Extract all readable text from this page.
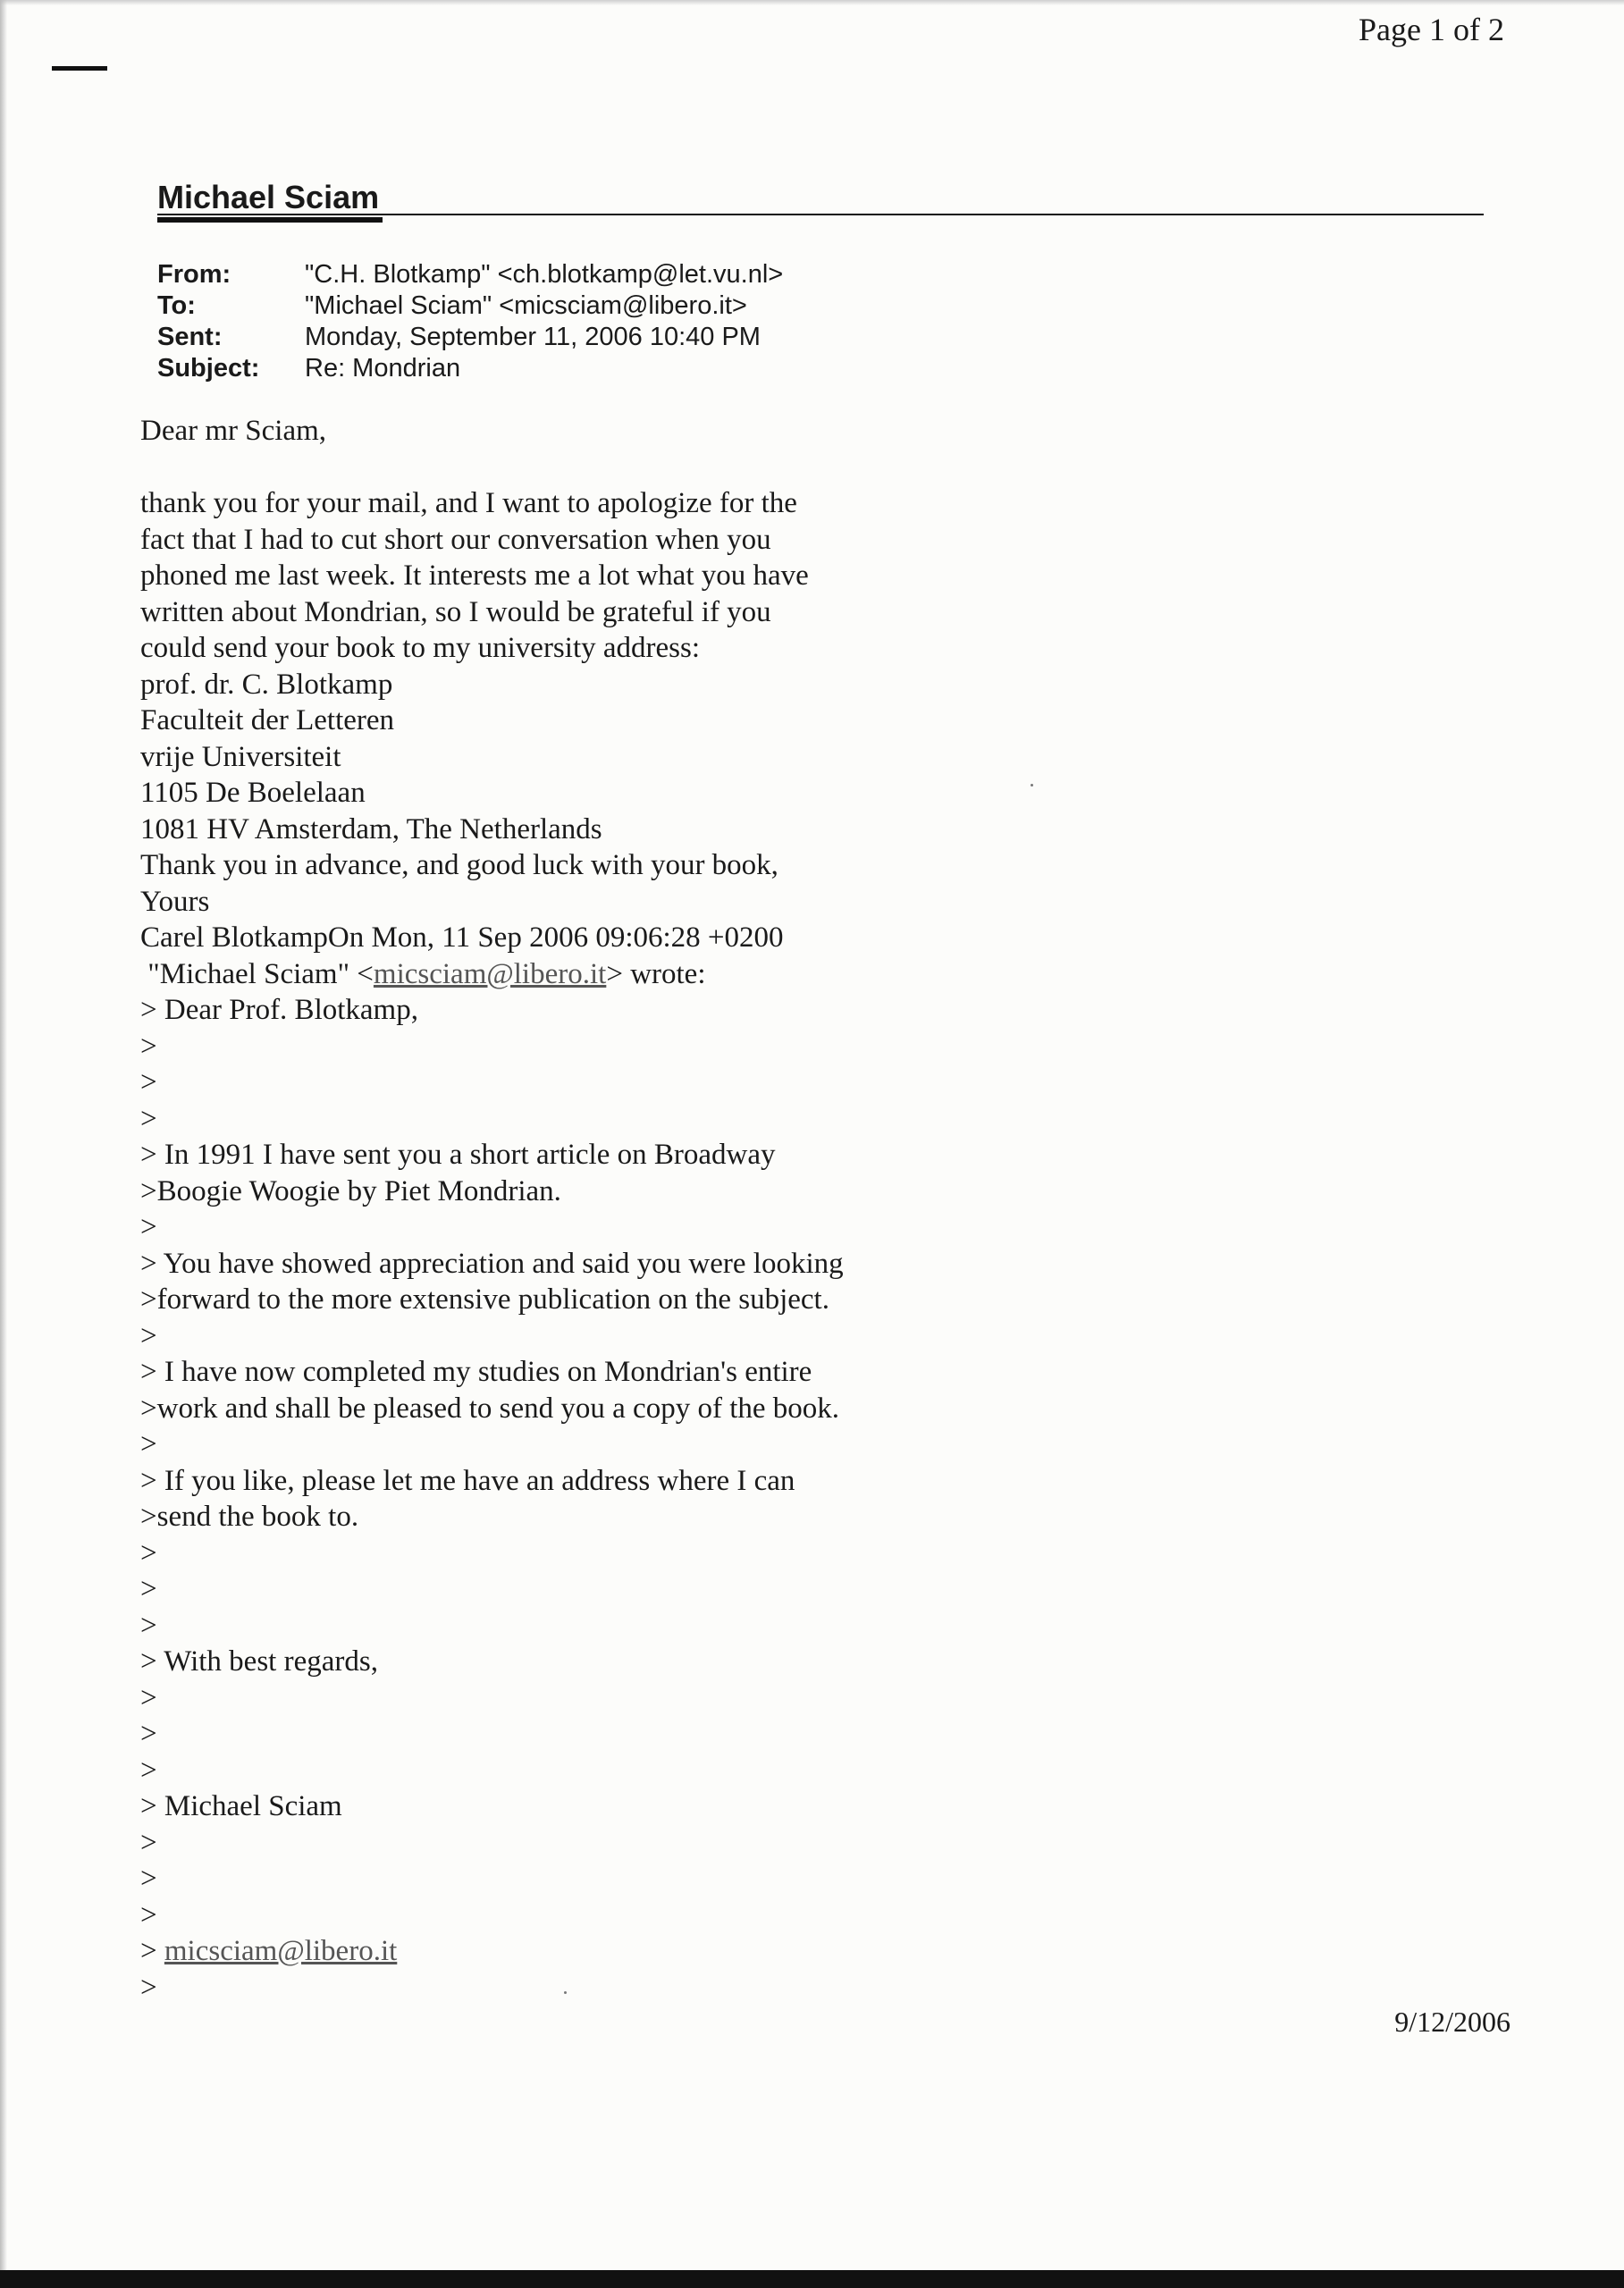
Page 1 of 2
Michael Sciam
From:	"C.H. Blotkamp" <ch.blotkamp@let.vu.nl>
To:	"Michael Sciam" <micsciam@libero.it>
Sent:	Monday, September 11, 2006 10:40 PM
Subject:	Re: Mondrian
Dear mr Sciam,
thank you for your mail, and I want to apologize for the
fact that I had to cut short our conversation when you
phoned me last week. It interests me a lot what you have
written about Mondrian, so I would be grateful if you
could send your book to my university address:
prof. dr. C. Blotkamp
Faculteit der Letteren
vrije Universiteit
1105 De Boelelaan
1081 HV Amsterdam, The Netherlands
Thank you in advance, and good luck with your book,
Yours
Carel BlotkampOn Mon, 11 Sep 2006 09:06:28 +0200
"Michael Sciam" <micsciam@libero.it> wrote:
> Dear Prof. Blotkamp,
>
>
>
> In 1991 I have sent you a short article on Broadway
>Boogie Woogie by Piet Mondrian.
>
> You have showed appreciation and said you were looking
>forward to the more extensive publication on the subject.
>
> I have now completed my studies on Mondrian's entire
>work and shall be pleased to send you a copy of the book.
>
> If you like, please let me have an address where I can
>send the book to.
>
>
>
> With best regards,
>
>
>
> Michael Sciam
>
>
>
> micsciam@libero.it
>
9/12/2006
